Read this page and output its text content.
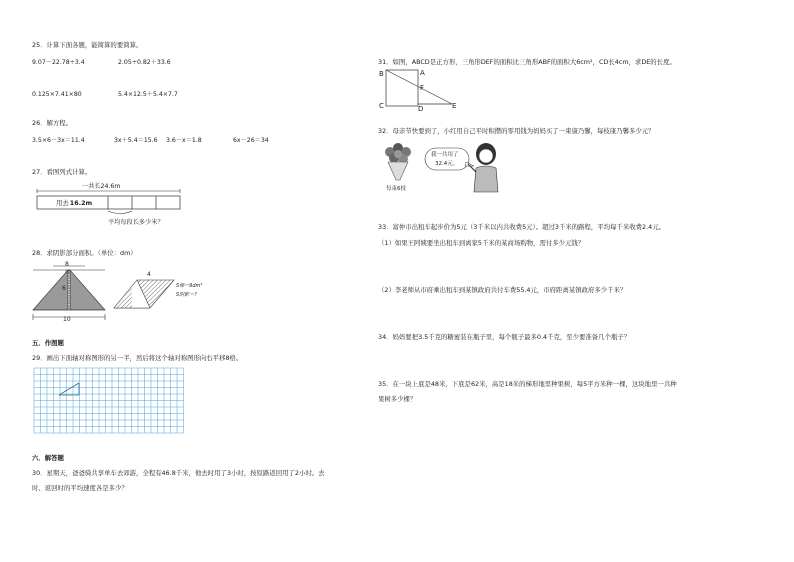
25．计算下面各题，能简算的要简算。
9.07－22.78÷3.4	2.05÷0.82＋33.6
0.125×7.41×80	5.4×12.5＋5.4×7.7
26．解方程。
3.5×6－3x＝11.4	3x＋5.4＝15.6 3.6－x＝1.8	6x－26＝34
27．看图列式计算。
一共长24.6m
用去16.2m
平均每段长多少米？
28．求阴影部分面积。（单位：dm）
8
6
10
4
S梯＝9dm²
S阴影＝?
五．作图题
29．画出下面轴对称图形的另一半，然后将这个轴对称图形向右平移8格。
六．解答题
30．星期天，爸爸骑共享单车去郊游，全程有46.8千米，他去时用了3小时，按原路返回用了2小时。去
时、返回时的平均速度各是多少？
31．如图，ABCD是正方形，三角形DEF的面积比三角形ABF的面积大6cm²，CD长4cm，求DE的长度。
B	A
F
C	D	E
32．母亲节快要到了，小红用自己平时积攒的零用钱为妈妈买了一束康乃馨，每枝康乃馨多少元？
每束6枝
我一共用了
32.4元。
33．富仲市出租车起步价为5元（3千米以内共收费5元）。超过3千米的路程，平均每千米收费2.4元。
（1）如果王阿姨要坐出租车到离家5千米的某商场购物，需付多少元钱？
（2）李老师从市府乘出租车到某镇政府共付车费55.4元，市府距离某镇政府多少千米？
34．妈妈要把3.5千克的糖蜜装在瓶子里，每个瓶子最多0.4千克，至少要准备几个瓶子？
35．在一块上底是48米，下底是62米，高是18米的梯形地里种果树，每5平方米种一棵，这块地里一共种
果树多少棵？
